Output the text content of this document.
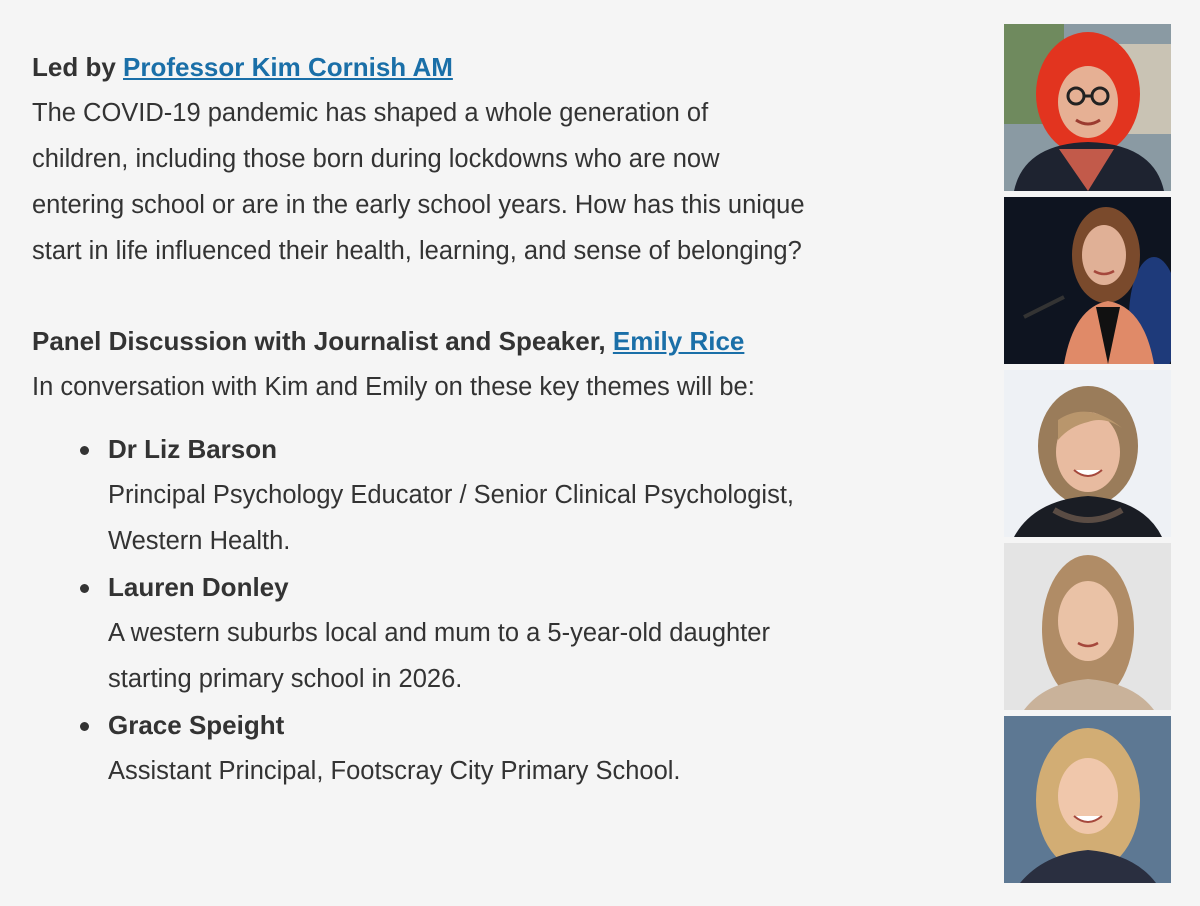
Led by Professor Kim Cornish AM

The COVID-19 pandemic has shaped a whole generation of
children, including those born during lockdowns who are now
entering school or are in the early school years. How has this unique
start in life influenced their health, learning, and sense of belonging?

Panel Discussion with Journalist and Speaker, Emily Rice

In conversation with Kim and Emily on these key themes will be:

Dr Liz Barson
Principal Psychology Educator / Senior Clinical Psychologist,
Western Health.
Lauren Donley
A western suburbs local and mum to a 5-year-old daughter
starting primary school in 2026.
Grace Speight
Assistant Principal, Footscray City Primary School.
